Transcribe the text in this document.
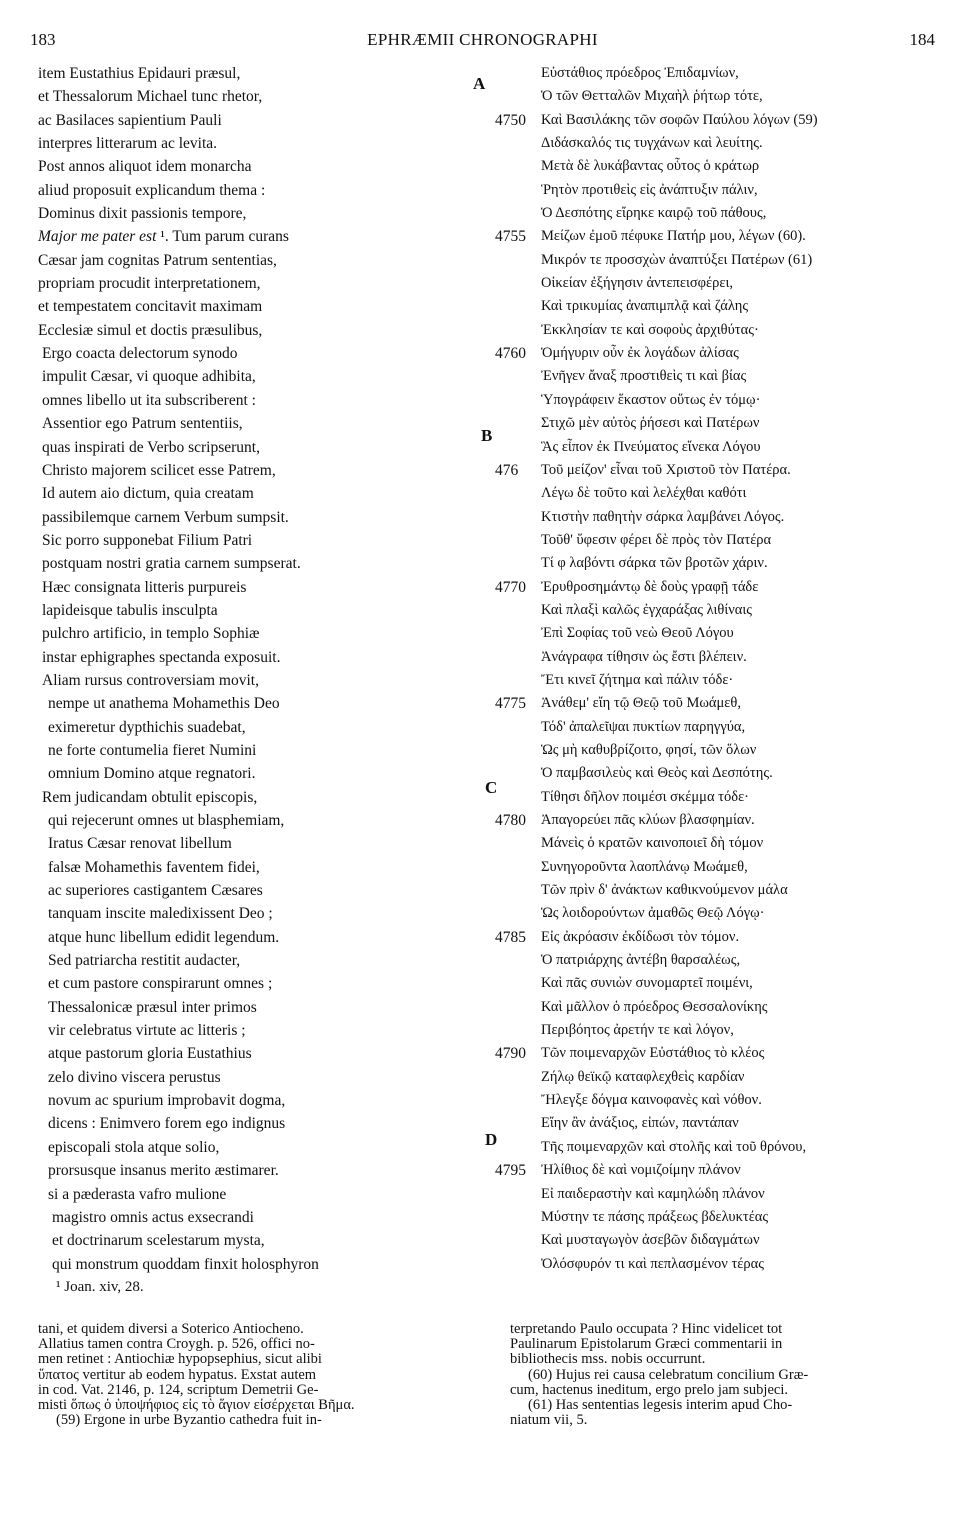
183	EPHRÆMII CHRONOGRAPHI	184
item Eustathius Epidauri præsul,
et Thessalorum Michael tunc rhetor,
ac Basilaces sapientium Pauli
interpres litterarum ac levita.
Post annos aliquot idem monarcha
aliud proposuit explicandum thema :
Dominus dixit passionis tempore,
Major me pater est ¹. Tum parum curans
Cæsar jam cognitas Patrum sententias,
propriam procudit interpretationem,
et tempestatem concitavit maximam
Ecclesiæ simul et doctis præsulibus,
Ergo coacta delectorum synodo
impulit Cæsar, vi quoque adhibita,
omnes libello ut ita subscriberent :
Assentior ego Patrum sententiis,
quas inspirati de Verbo scripserunt,
Christo majorem scilicet esse Patrem,
Id autem aio dictum, quia creatam
passibilemque carnem Verbum sumpsit.
Sic porro supponebat Filium Patri
postquam nostri gratia carnem sumpserat.
Hæc consignata litteris purpureis
lapideisque tabulis insculpta
pulchro artificio, in templo Sophiæ
instar ephigraphes spectanda exposuit.
Aliam rursus controversiam movit,
nempe ut anathema Mohamethis Deo
eximeretur dypthichis suadebat,
ne forte contumelia fieret Numini
omnium Domino atque regnatori.
Rem judicandam obtulit episcopis,
qui rejecerunt omnes ut blasphemiam,
Iratus Cæsar renovat libellum
falsæ Mohamethis faventem fidei,
ac superiores castigantem Cæsares
tanquam inscite maledixissent Deo ;
atque hunc libellum edidit legendum.
Sed patriarcha restitit audacter,
et cum pastore conspirarunt omnes ;
Thessalonicæ præsul inter primos
vir celebratus virtute ac litteris ;
atque pastorum gloria Eustathius
zelo divino viscera perustus
novum ac spurium improbavit dogma,
dicens : Enimvero forem ego indignus
episcopali stola atque solio,
prorsusque insanus merito æstimarer.
si a pæderasta vafro mulione
magistro omnis actus exsecrandi
et doctrinarum scelestarum mysta,
qui monstrum quoddam finxit holosphyron
Εὐστάθιος πρόεδρος Ἐπιδαμνίων,
Ὁ τῶν Θετταλῶν Μιχαὴλ ῥήτωρ τότε,
4750	Καὶ Βασιλάκης τῶν σοφῶν Παύλου λόγων (59)
Διδάσκαλός τις τυγχάνων καὶ λευίτης.
Μετὰ δὲ λυκάβαντας οὗτος ὁ κράτωρ
Ῥητὸν προτιθεὶς εἰς ἀνάπτυξιν πάλιν,
Ὁ Δεσπότης εἴρηκε καιρῷ τοῦ πάθους,
4755	Μείζων ἐμοῦ πέφυκε Πατήρ μου, λέγων (60).
Μικρόν τε προσσχὼν ἀναπτύξει Πατέρων (61)
Οἰκείαν ἐξήγησιν ἀντεπεισφέρει,
Καὶ τρικυμίας ἀναπιμπλᾷ καὶ ζάλης
Ἐκκλησίαν τε καὶ σοφοὺς ἀρχιθύτας·
4760	Ὁμήγυριν οὖν ἐκ λογάδων ἀλίσας
Ἐνῆγεν ἄναξ προστιθεὶς τι καὶ βίας
Ὑπογράφειν ἕκαστον οὕτως ἐν τόμῳ·
Στιχῶ μὲν αὐτὸς ῥήσεσι καὶ Πατέρων
Ἃς εἶπον ἐκ Πνεύματος εἵνεκα Λόγου
476	Τοῦ μείζον' εἶναι τοῦ Χριστοῦ τὸν Πατέρα.
Λέγω δὲ τοῦτο καὶ λελέχθαι καθότι
Κτιστὴν παθητὴν σάρκα λαμβάνει Λόγος.
Τοῦθ' ὕφεσιν φέρει δὲ πρὸς τὸν Πατέρα
Τί φ λαβόντι σάρκα τῶν βροτῶν χάριν.
4770	Ἐρυθροσημάντῳ δὲ δοὺς γραφῇ τάδε
Καὶ πλαξὶ καλῶς ἐγχαράξας λιθίναις
Ἐπὶ Σοφίας τοῦ νεὼ Θεοῦ Λόγου
Ἀνάγραφα τίθησιν ὡς ἔστι βλέπειν.
Ἔτι κινεῖ ζήτημα καὶ πάλιν τόδε·
4775	Ἀνάθεμ' εἴη τῷ Θεῷ τοῦ Μωάμεθ,
Τόδ' ἀπαλεῖψαι πυκτίων παρηγγύα,
Ὡς μὴ καθυβρίζοιτο, φησί, τῶν ὅλων
Ὁ παμβασιλεὺς καὶ Θεὸς καὶ Δεσπότης.
Τίθησι δῆλον ποιμέσι σκέμμα τόδε·
4780	Ἀπαγορεύει πᾶς κλύων βλασφημίαν.
Μάνεὶς ὁ κρατῶν καινοποιεῖ δὴ τόμον
Συνηγοροῦντα λαοπλάνῳ Μωάμεθ,
Τῶν πρὶν δ' ἀνάκτων καθικνούμενον μάλα
Ὡς λοιδορούντων ἀμαθῶς Θεῷ Λόγῳ·
4785	Εἰς ἀκρόασιν ἐκδίδωσι τὸν τόμον.
Ὁ πατριάρχης ἀντέβη θαρσαλέως,
Καὶ πᾶς συνιὼν συνομαρτεῖ ποιμένι,
Καὶ μᾶλλον ὁ πρόεδρος Θεσσαλονίκης
Περιβόητος ἀρετήν τε καὶ λόγον,
4790	Τῶν ποιμεναρχῶν Εὐστάθιος τὸ κλέος
Ζήλῳ θεϊκῷ καταφλεχθεὶς καρδίαν
Ἤλεγξε δόγμα καινοφανὲς καὶ νόθον.
Εἴην ἂν ἀνάξιος, εἰπών, παντάπαν
Τῆς ποιμεναρχῶν καὶ στολῆς καὶ τοῦ θρόνου,
4795	Ἠλίθιος δὲ καὶ νομιζοίμην πλάνον
Εἰ παιδεραστὴν καὶ καμηλώδη πλάνον
Μύστην τε πάσης πράξεως βδελυκτέας
Καὶ μυσταγωγὸν ἀσεβῶν διδαγμάτων
Ὀλόσφυρόν τι καὶ πεπλασμένον τέρας
A
B
C
D
¹ Joan. xiv, 28.
tani, et quidem diversi a Soterico Antiocheno.
Allatius tamen contra Croygh. p. 526, offici no-
men retinet : Antiochiæ hypopsephius, sicut alibi
ὕπατος vertitur ab eodem hypatus. Exstat autem
in cod. Vat. 2146, p. 124, scriptum Demetrii Ge-
misti ὅπως ὁ ὑποψήφιος εἰς τὸ ἅγιον εἰσέρχεται Βῆμα.
(59) Ergone in urbe Byzantio cathedra fuit in-
terpretando Paulo occupata ? Hinc videlicet tot
Paulinarum Epistolarum Græci commentarii in
bibliothecis mss. nobis occurrunt.
(60) Hujus rei causa celebratum concilium Græ-
cum, hactenus ineditum, ergo prelo jam subjeci.
(61) Has sententias legesis interim apud Cho-
niatum vii, 5.
